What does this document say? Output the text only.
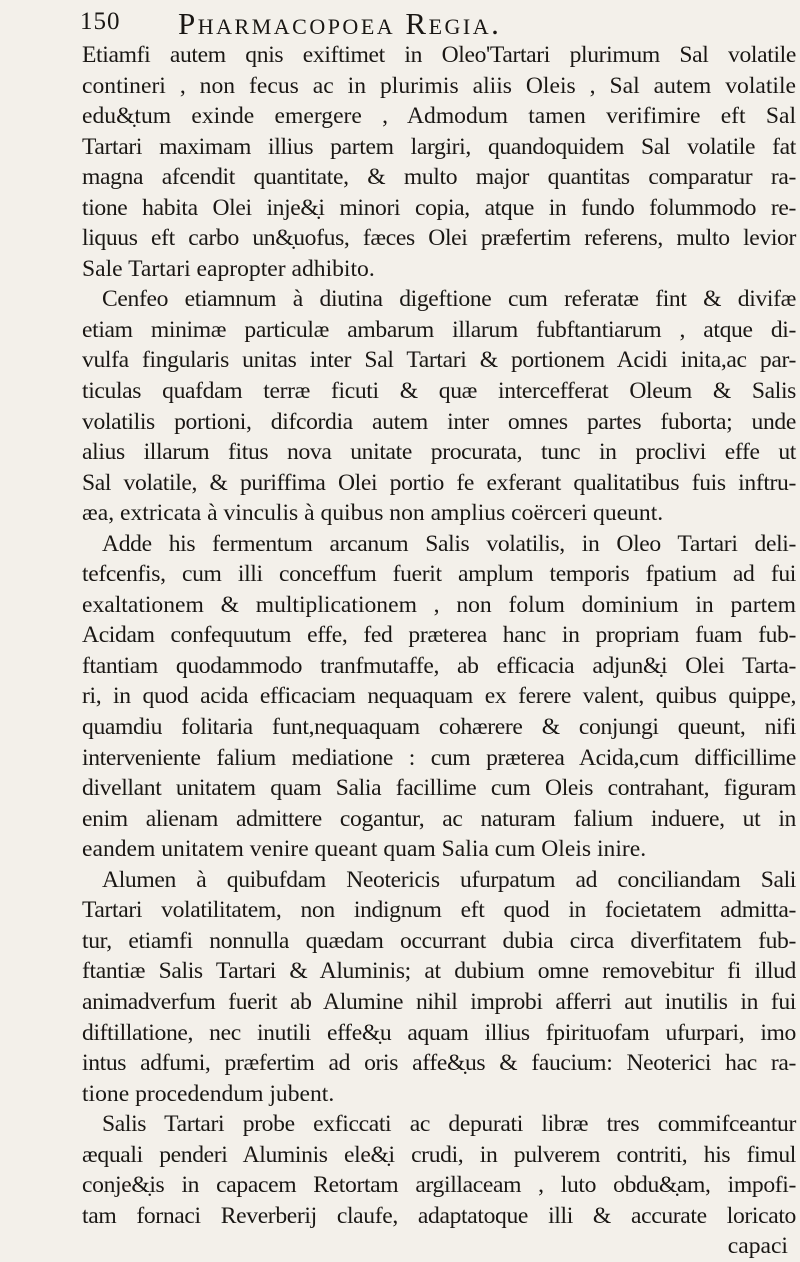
150 Pharmacopoea Regia.
Etiamfi autem qnis exiftimet in Oleo'Tartari plurimum Sal volatile
contineri , non fecus ac in plurimis aliis Oleis , Sal autem volatile
edu&̣tum exinde emergere , Admodum tamen verifimire eft Sal
Tartari maximam illius partem largiri, quandoquidem Sal volatile fat
magna afcendit quantitate, & multo major quantitas comparatur ra-
tione habita Olei inje&̣i minori copia, atque in fundo folummodo re-
liquus eft carbo un&̣uofus, fæces Olei præfertim referens, multo levior
Sale Tartari eapropter adhibito.
Cenfeo etiamnum à diutina digeftione cum referatæ fint & divifæ
etiam minimæ particulæ ambarum illarum fubftantiarum , atque di-
vulfa fingularis unitas inter Sal Tartari & portionem Acidi inita,ac par-
ticulas quafdam terræ ficuti & quæ intercefferat Oleum & Salis
volatilis portioni, difcordia autem inter omnes partes fuborta; unde
alius illarum fitus nova unitate procurata, tunc in proclivi effe ut
Sal volatile, & puriffima Olei portio fe exferant qualitatibus fuis inftru-
æa, extricata à vinculis à quibus non amplius coërceri queunt.
Adde his fermentum arcanum Salis volatilis, in Oleo Tartari deli-
tefcenfis, cum illi conceffum fuerit amplum temporis fpatium ad fui
exaltationem & multiplicationem , non folum dominium in partem
Acidam confequutum effe, fed præterea hanc in propriam fuam fub-
ftantiam quodammodo tranfmutaffe, ab efficacia adjun&̣i Olei Tarta-
ri, in quod acida efficaciam nequaquam ex ferere valent, quibus quippe,
quamdiu folitaria funt,nequaquam cohærere & conjungi queunt, nifi
interveniente falium mediatione : cum præterea Acida,cum difficillime
divellant unitatem quam Salia facillime cum Oleis contrahant, figuram
enim alienam admittere cogantur, ac naturam falium induere, ut in
eandem unitatem venire queant quam Salia cum Oleis inire.
Alumen à quibufdam Neotericis ufurpatum ad conciliandam Sali
Tartari volatilitatem, non indignum eft quod in focietatem admitta-
tur, etiamfi nonnulla quædam occurrant dubia circa diverfitatem fub-
ftantiæ Salis Tartari & Aluminis; at dubium omne removebitur fi illud
animadverfum fuerit ab Alumine nihil improbi afferri aut inutilis in fui
diftillatione, nec inutili effe&̣u aquam illius fpirituofam ufurpari, imo
intus adfumi, præfertim ad oris affe&̣us & faucium: Neoterici hac ra-
tione procedendum jubent.
Salis Tartari probe exficcati ac depurati libræ tres commifceantur
æquali penderi Aluminis ele&̣i crudi, in pulverem contriti, his fimul
conje&̣is in capacem Retortam argillaceam , luto obdu&̣am, impofi-
tam fornaci Reverberij claufe, adaptatoque illi & accurate loricato
capaci
